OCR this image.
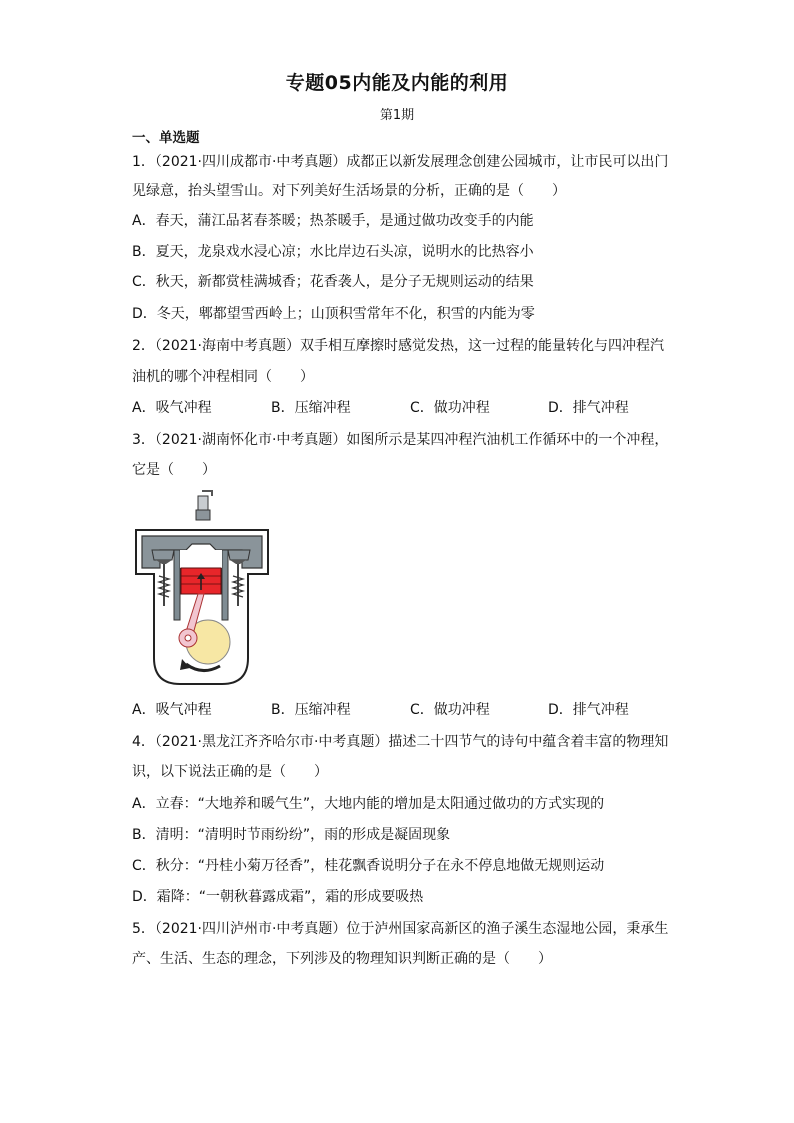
专题05内能及内能的利用
第1期
一、单选题
1．（2021·四川成都市·中考真题）成都正以新发展理念创建公园城市，让市民可以出门
见绿意，抬头望雪山。对下列美好生活场景的分析，正确的是（　　）
A．春天，蒲江品茗春茶暖；热茶暖手，是通过做功改变手的内能
B．夏天，龙泉戏水浸心凉；水比岸边石头凉，说明水的比热容小
C．秋天，新都赏桂满城香；花香袭人，是分子无规则运动的结果
D．冬天，郫都望雪西岭上；山顶积雪常年不化，积雪的内能为零
2．（2021·海南中考真题）双手相互摩擦时感觉发热，这一过程的能量转化与四冲程汽
油机的哪个冲程相同（　　）
A．吸气冲程	B．压缩冲程	C．做功冲程	D．排气冲程
3．（2021·湖南怀化市·中考真题）如图所示是某四冲程汽油机工作循环中的一个冲程，
它是（　　）
A．吸气冲程	B．压缩冲程	C．做功冲程	D．排气冲程
4．（2021·黑龙江齐齐哈尔市·中考真题）描述二十四节气的诗句中蕴含着丰富的物理知
识，以下说法正确的是（　　）
A．立春：“大地养和暖气生”，大地内能的增加是太阳通过做功的方式实现的
B．清明：“清明时节雨纷纷”，雨的形成是凝固现象
C．秋分：“丹桂小菊万径香”，桂花飘香说明分子在永不停息地做无规则运动
D．霜降：“一朝秋暮露成霜”，霜的形成要吸热
5．（2021·四川泸州市·中考真题）位于泸州国家高新区的渔子溪生态湿地公园，秉承生
产、生活、生态的理念，下列涉及的物理知识判断正确的是（　　）
